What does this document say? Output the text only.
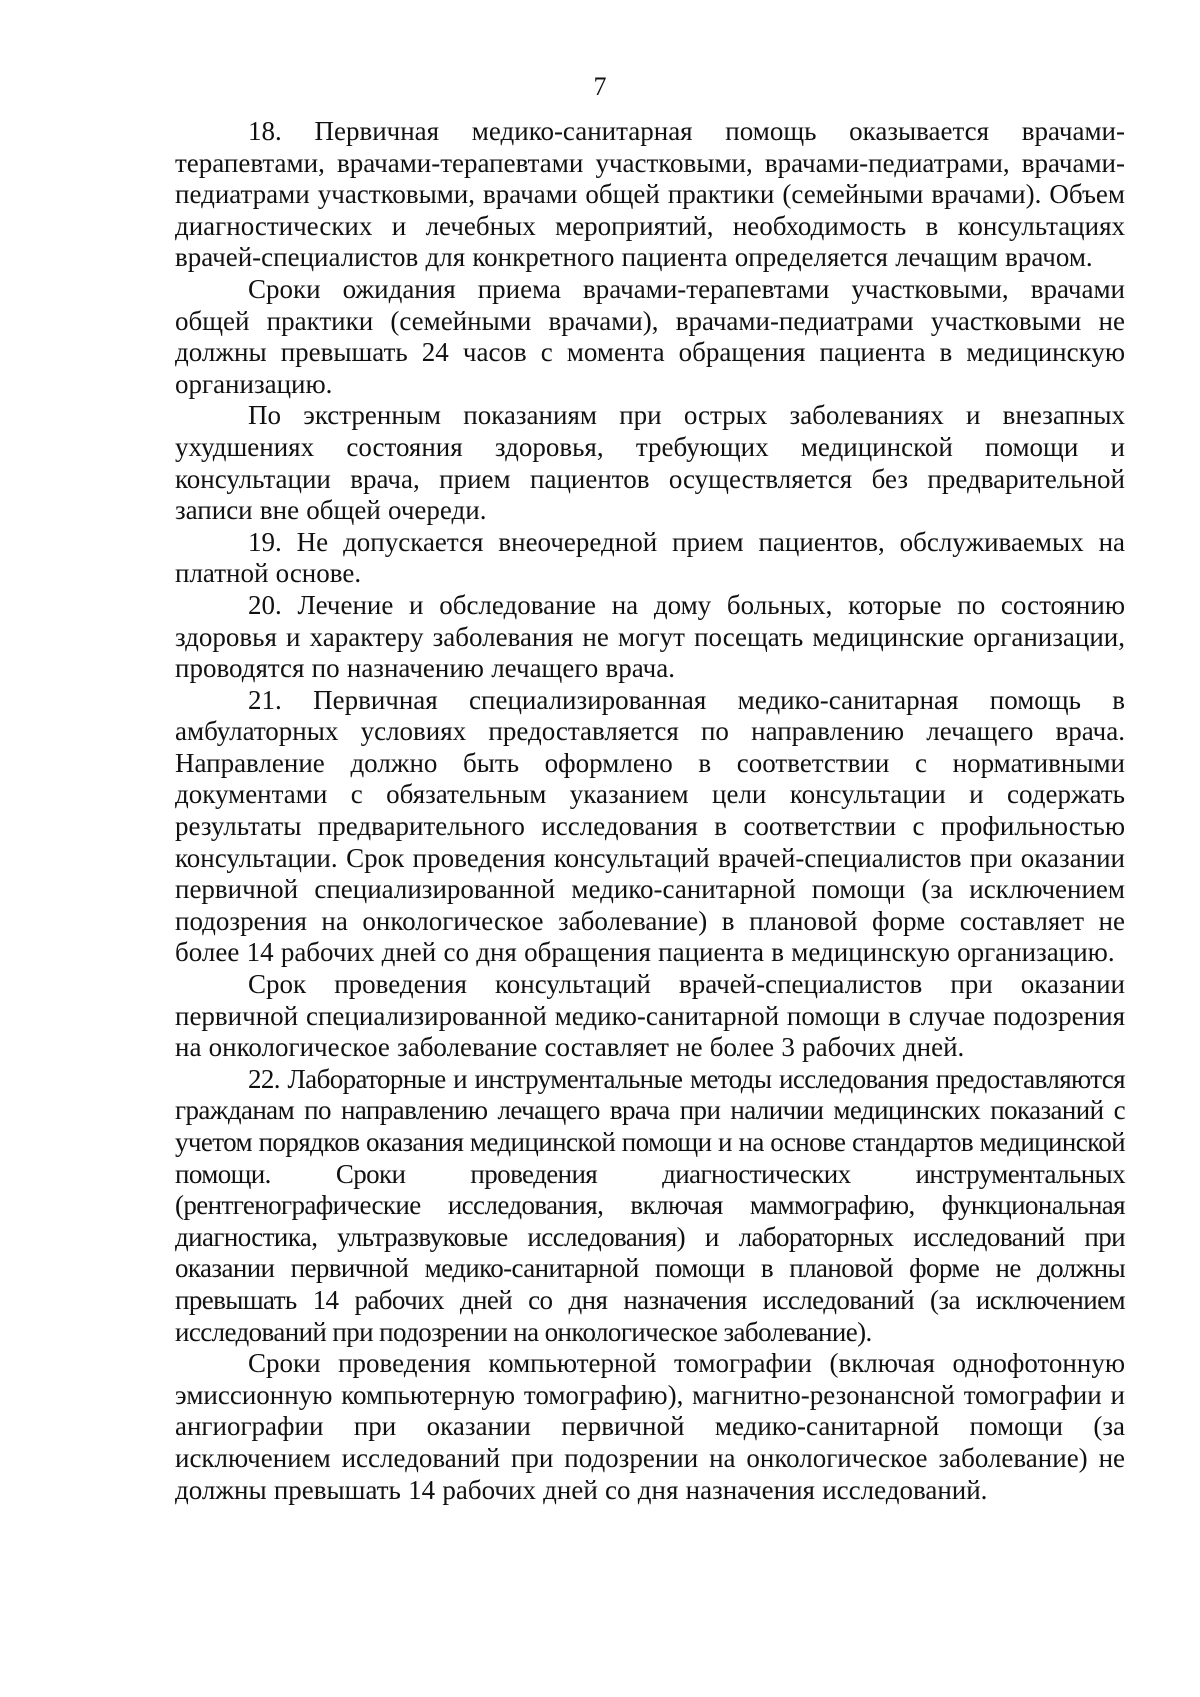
7

18. Первичная медико-санитарная помощь оказывается врачами-терапевтами, врачами-терапевтами участковыми, врачами-педиатрами, врачами-педиатрами участковыми, врачами общей практики (семейными врачами). Объем диагностических и лечебных мероприятий, необходимость в консультациях врачей-специалистов для конкретного пациента определяется лечащим врачом.

Сроки ожидания приема врачами-терапевтами участковыми, врачами общей практики (семейными врачами), врачами-педиатрами участковыми не должны превышать 24 часов с момента обращения пациента в медицинскую организацию.

По экстренным показаниям при острых заболеваниях и внезапных ухудшениях состояния здоровья, требующих медицинской помощи и консультации врача, прием пациентов осуществляется без предварительной записи вне общей очереди.

19. Не допускается внеочередной прием пациентов, обслуживаемых на платной основе.

20. Лечение и обследование на дому больных, которые по состоянию здоровья и характеру заболевания не могут посещать медицинские организации, проводятся по назначению лечащего врача.

21. Первичная специализированная медико-санитарная помощь в амбулаторных условиях предоставляется по направлению лечащего врача. Направление должно быть оформлено в соответствии с нормативными документами с обязательным указанием цели консультации и содержать результаты предварительного исследования в соответствии с профильностью консультации. Срок проведения консультаций врачей-специалистов при оказании первичной специализированной медико-санитарной помощи (за исключением подозрения на онкологическое заболевание) в плановой форме составляет не более 14 рабочих дней со дня обращения пациента в медицинскую организацию.

Срок проведения консультаций врачей-специалистов при оказании первичной специализированной медико-санитарной помощи в случае подозрения на онкологическое заболевание составляет не более 3 рабочих дней.

22. Лабораторные и инструментальные методы исследования предоставляются гражданам по направлению лечащего врача при наличии медицинских показаний с учетом порядков оказания медицинской помощи и на основе стандартов медицинской помощи. Сроки проведения диагностических инструментальных (рентгенографические исследования, включая маммографию, функциональная диагностика, ультразвуковые исследования) и лабораторных исследований при оказании первичной медико-санитарной помощи в плановой форме не должны превышать 14 рабочих дней со дня назначения исследований (за исключением исследований при подозрении на онкологическое заболевание).

Сроки проведения компьютерной томографии (включая однофотонную эмиссионную компьютерную томографию), магнитно-резонансной томографии и ангиографии при оказании первичной медико-санитарной помощи (за исключением исследований при подозрении на онкологическое заболевание) не должны превышать 14 рабочих дней со дня назначения исследований.
